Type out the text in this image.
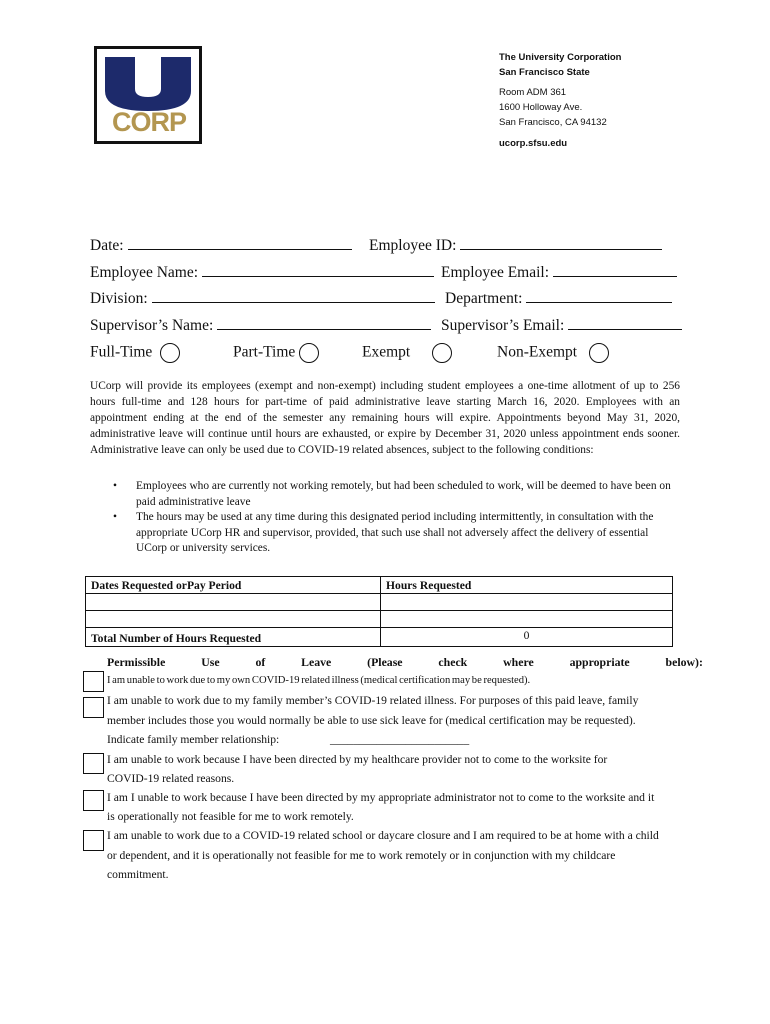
CORP
The University Corporation
San Francisco State
Room ADM 361
1600 Holloway Ave.
San Francisco, CA 94132
ucorp.sfsu.edu
Date:	Employee ID:
Employee Name:	Employee Email:
Division:	Department:
Supervisor’s Name:	Supervisor’s Email:
Full-Time	Part-Time	Exempt	Non-Exempt
UCorp will provide its employees (exempt and non-exempt) including student employees a one-time allotment of up to 256 hours full-time and 128 hours for part-time of paid administrative leave starting March 16, 2020. Employees with an appointment ending at the end of the semester any remaining hours will expire. Appointments beyond May 31, 2020, administrative leave will continue until hours are exhausted, or expire by December 31, 2020 unless appointment ends sooner. Administrative leave can only be used due to COVID-19 related absences, subject to the following conditions:
• Employees who are currently not working remotely, but had been scheduled to work, will be deemed to have been on paid administrative leave
• The hours may be used at any time during this designated period including intermittently, in consultation with the appropriate UCorp HR and supervisor, provided, that such use shall not adversely affect the delivery of essential UCorp or university services.
Dates Requested orPay Period	Hours Requested

Total Number of Hours Requested	0
Permissible	Use	of	Leave	(Please	check	where	appropriate	below):
I am unable to work due to my own COVID-19 related illness (medical certification may be requested).
I am unable to work due to my family member’s COVID-19 related illness. For purposes of this paid leave, family
member includes those you would normally be able to use sick leave for (medical certification may be requested).
Indicate family member relationship:	________________________
I am unable to work because I have been directed by my healthcare provider not to come to the worksite for
COVID-19 related reasons.
I am I unable to work because I have been directed by my appropriate administrator not to come to the worksite and it
is operationally not feasible for me to work remotely.
I am unable to work due to a COVID-19 related school or daycare closure and I am required to be at home with a child
or dependent, and it is operationally not feasible for me to work remotely or in conjunction with my childcare
commitment.
